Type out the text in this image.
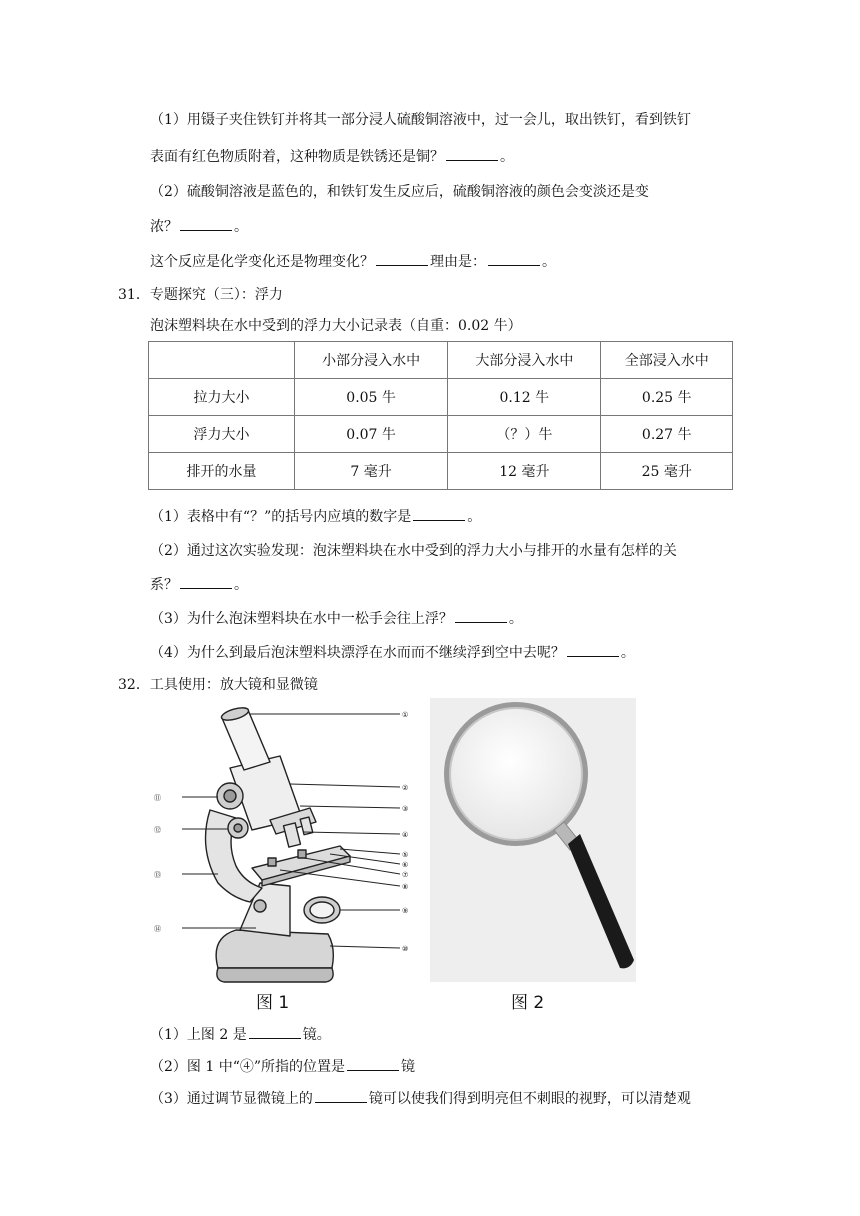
（1）用镊子夹住铁钉并将其一部分浸人硫酸铜溶液中，过一会儿，取出铁钉，看到铁钉
表面有红色物质附着，这种物质是铁锈还是铜？	。
（2）硫酸铜溶液是蓝色的，和铁钉发生反应后，硫酸铜溶液的颜色会变淡还是变
浓？	。
这个反应是化学变化还是物理变化？	理由是：	。
31．专题探究（三）：浮力
泡沫塑料块在水中受到的浮力大小记录表（自重：0.02 牛）
	小部分浸入水中	大部分浸入水中	全部浸入水中
拉力大小	0.05 牛	0.12 牛	0.25 牛
浮力大小	0.07 牛	（？）牛	0.27 牛
排开的水量	7 毫升	12 毫升	25 毫升
（1）表格中有“？”的括号内应填的数字是	。
（2）通过这次实验发现：泡沫塑料块在水中受到的浮力大小与排开的水量有怎样的关
系？	。
（3）为什么泡沫塑料块在水中一松手会往上浮？	。
（4）为什么到最后泡沫塑料块漂浮在水而而不继续浮到空中去呢？	。
32．工具使用：放大镜和显微镜
①
②
③
④
⑤
⑥
⑦
⑧
⑨
⑩
⑪
⑫
⑬
⑭
图 1	图 2
（1）上图 2 是	镜。
（2）图 1 中“④”所指的位置是	镜
（3）通过调节显微镜上的	镜可以使我们得到明亮但不刺眼的视野，可以清楚观
